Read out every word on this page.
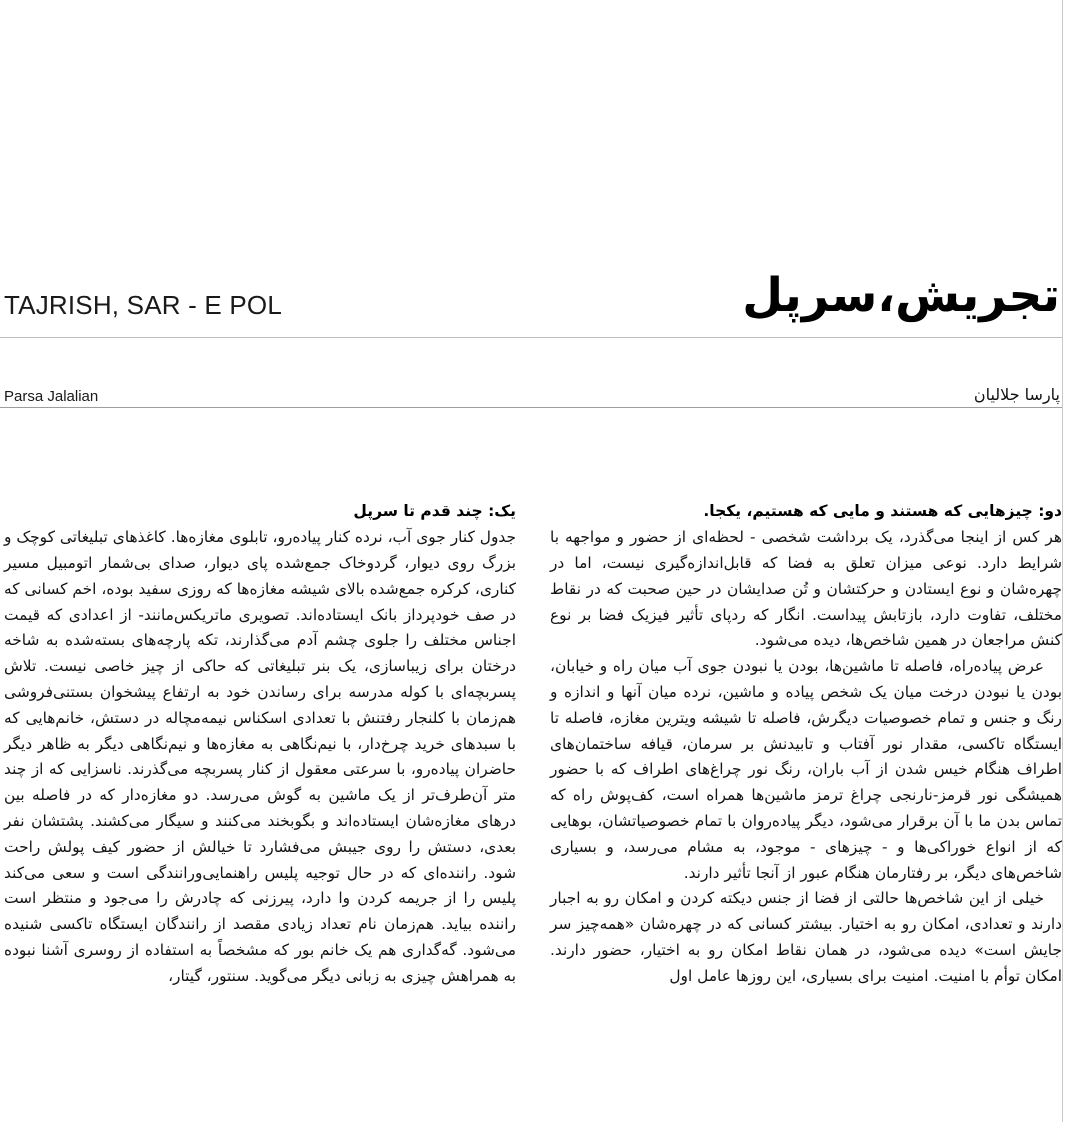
TAJRISH, SAR - E POL	تجریش،سرپل
Parsa Jalalian	پارسا جلالیان

یک: چند قدم تا سرپل

جدول کنار جوی آب، نرده کنار پیاده‌رو، تابلوی مغازه‌ها. کاغذهای تبلیغاتی کوچک و بزرگ روی دیوار، گردوخاک جمع‌شده پای دیوار، صدای بی‌شمار اتومبیل مسیر کناری، کرکره جمع‌شده بالای شیشه مغازه‌ها که روزی سفید بوده، اخم کسانی که در صف خودپرداز بانک ایستاده‌اند. تصویری ماتریکس‌مانند- از اعدادی که قیمت اجناس مختلف را جلوی چشم آدم می‌گذارند، تکه پارچه‌های بسته‌شده به شاخه درختان برای زیباسازی، یک بنر تبلیغاتی که حاکی از چیز خاصی نیست. تلاش پسربچه‌ای با کوله مدرسه برای رساندن خود به ارتفاع پیشخوان بستنی‌فروشی هم‌زمان با کلنجار رفتنش با تعدادی اسکناس نیمه‌مچاله در دستش، خانم‌هایی که با سبدهای خرید چرخ‌دار، با نیم‌نگاهی به مغازه‌ها و نیم‌نگاهی دیگر به ظاهر دیگر حاضران پیاده‌رو، با سرعتی معقول از کنار پسربچه می‌گذرند. ناسزایی که از چند متر آن‌طرف‌تر از یک ماشین به گوش می‌رسد. دو مغازه‌دار که در فاصله بین درهای مغازه‌شان ایستاده‌اند و بگوبخند می‌کنند و سیگار می‌کشند. پشتشان نفر بعدی، دستش را روی جیبش می‌فشارد تا خیالش از حضور کیف پولش راحت شود. راننده‌ای که در حال توجیه پلیس راهنمایی‌ورانندگی است و سعی می‌کند پلیس را از جریمه کردن وا دارد، پیرزنی که چادرش را می‌جود و منتظر است راننده بیاید. هم‌زمان نام تعداد زیادی مقصد از رانندگان ایستگاه تاکسی شنیده می‌شود. گه‌گداری هم یک خانم بور که مشخصاً به استفاده از روسری آشنا نبوده به همراهش چیزی به زبانی دیگر می‌گوید. سنتور، گیتار،

دو: چیزهایی که هستند و مایی که هستیم، یکجا.

هر کس از اینجا می‌گذرد، یک برداشت شخصی - لحظه‌ای از حضور و مواجهه با شرایط دارد. نوعی میزان تعلق به فضا که قابل‌اندازه‌گیری نیست، اما در چهره‌شان و نوع ایستادن و حرکتشان و تُن صدایشان در حین صحبت که در نقاط مختلف، تفاوت دارد، بازتابش پیداست. انگار که ردپای تأثیر فیزیک فضا بر نوع کنش مراجعان در همین شاخص‌ها، دیده می‌شود.

عرض پیاده‌راه، فاصله تا ماشین‌ها، بودن یا نبودن جوی آب میان راه و خیابان، بودن یا نبودن درخت میان یک شخص پیاده و ماشین، نرده میان آنها و اندازه و رنگ و جنس و تمام خصوصیات دیگرش، فاصله تا شیشه ویترین مغازه، فاصله تا ایستگاه تاکسی، مقدار نور آفتاب و تابیدنش بر سرمان، قیافه ساختمان‌های اطراف هنگام خیس شدن از آب باران، رنگ نور چراغ‌های اطراف که با حضور همیشگی نور قرمز-نارنجی چراغ ترمز ماشین‌ها همراه است، کف‌پوش راه که تماس بدن ما با آن برقرار می‌شود، دیگر پیاده‌روان با تمام خصوصیاتشان، بوهایی که از انواع خوراکی‌ها و - چیزهای - موجود، به مشام می‌رسد، و بسیاری شاخص‌های دیگر، بر رفتارمان هنگام عبور از آنجا تأثیر دارند.

خیلی از این شاخص‌ها حالتی از فضا از جنس دیکته کردن و امکان رو به اجبار دارند و تعدادی، امکان رو به اختیار. بیشتر کسانی که در چهره‌شان «همه‌چیز سر جایش است» دیده می‌شود، در همان نقاط امکان رو به اختیار، حضور دارند. امکان توأم با امنیت. امنیت برای بسیاری، این روزها عامل اول
